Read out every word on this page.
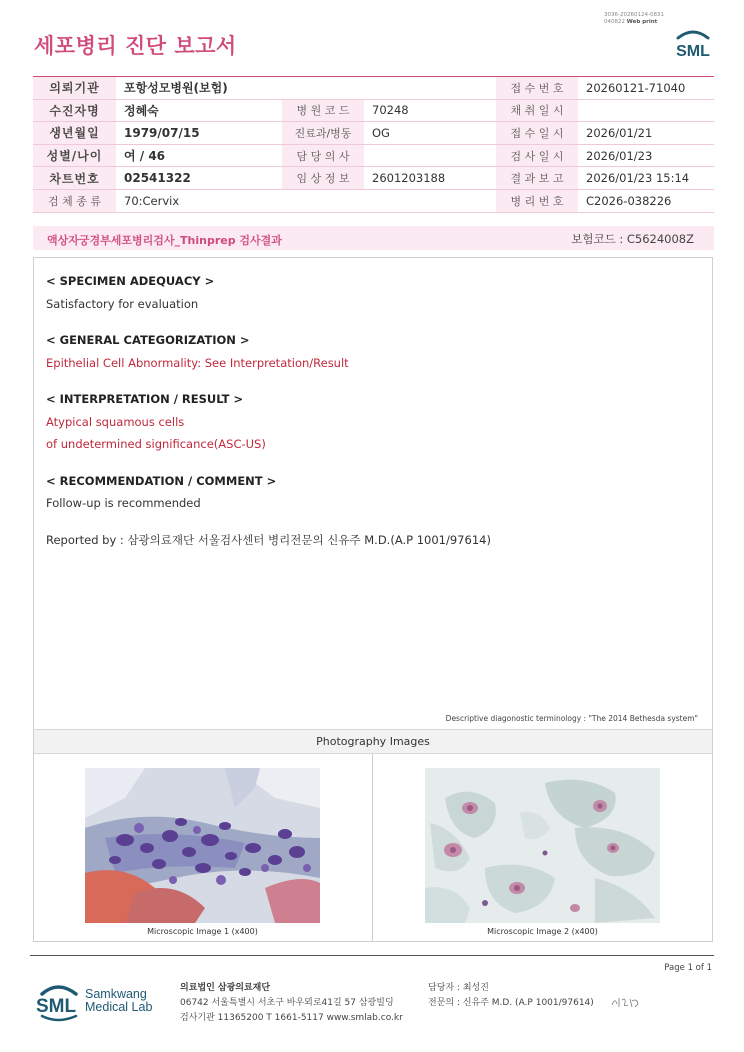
3036-20260124-0831
040822 Web print
세포병리 진단 보고서	SML
의뢰기관	포항성모병원(보험)			접 수 번 호	20260121-71040
수진자명	정혜숙	병 원 코 드	70248	채 취 일 시	
생년월일	1979/07/15	진료과/병동	OG	접 수 일 시	2026/01/21
성별/나이	여 / 46	담 당 의 사		검 사 일 시	2026/01/23
차트번호	02541322	임 상 정 보	2601203188	결 과 보 고	2026/01/23 15:14
검 체 종 류	70:Cervix			병 리 번 호	C2026-038226
액상자궁경부세포병리검사_Thinprep 검사결과	보험코드 : C5624008Z
< SPECIMEN ADEQUACY >
Satisfactory for evaluation
< GENERAL CATEGORIZATION >
Epithelial Cell Abnormality: See Interpretation/Result
< INTERPRETATION / RESULT >
Atypical squamous cells
of undetermined significance(ASC-US)
< RECOMMENDATION / COMMENT >
Follow-up is recommended
Reported by : 삼광의료재단 서울검사센터 병리전문의 신유주 M.D.(A.P 1001/97614)
Descriptive diagonostic terminology : "The 2014 Bethesda system"
Photography Images
Microscopic Image 1 (x400)	Microscopic Image 2 (x400)
Page 1 of 1
SML
Samkwang
Medical Lab
의료법인 삼광의료재단
06742 서울특별시 서초구 바우뫼로41길 57 삼광빌딩
검사기관 11365200 T 1661-5117 www.smlab.co.kr
담당자 : 최성진
전문의 : 신유주 M.D. (A.P 1001/97614)
